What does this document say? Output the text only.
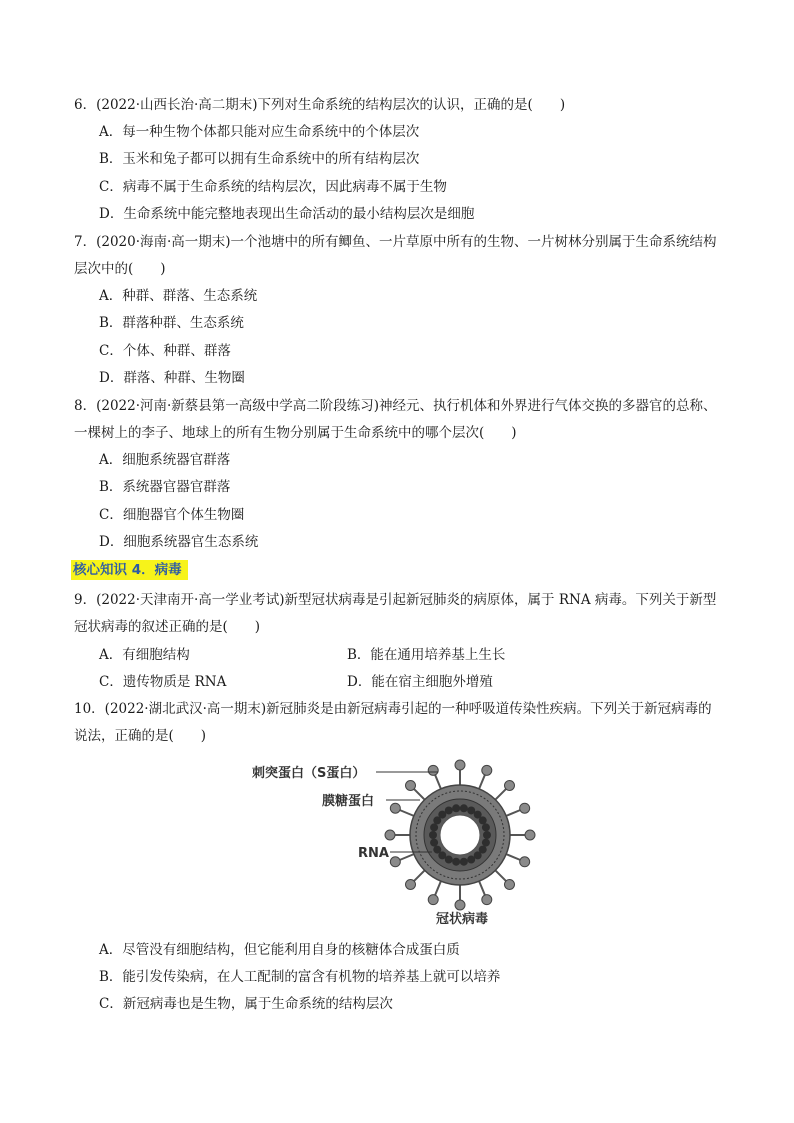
6．(2022·山西长治·高二期末)下列对生命系统的结构层次的认识，正确的是(　　)
A．每一种生物个体都只能对应生命系统中的个体层次
B．玉米和兔子都可以拥有生命系统中的所有结构层次
C．病毒不属于生命系统的结构层次，因此病毒不属于生物
D．生命系统中能完整地表现出生命活动的最小结构层次是细胞
7．(2020·海南·高一期末)一个池塘中的所有鲫鱼、一片草原中所有的生物、一片树林分别属于生命系统结构
层次中的(　　)
A．种群、群落、生态系统
B．群落种群、生态系统
C．个体、种群、群落
D．群落、种群、生物圈
8．(2022·河南·新蔡县第一高级中学高二阶段练习)神经元、执行机体和外界进行气体交换的多器官的总称、
一棵树上的李子、地球上的所有生物分别属于生命系统中的哪个层次(　　)
A．细胞系统器官群落
B．系统器官器官群落
C．细胞器官个体生物圈
D．细胞系统器官生态系统
核心知识 4．病毒
9．(2022·天津南开·高一学业考试)新型冠状病毒是引起新冠肺炎的病原体，属于 RNA 病毒。下列关于新型
冠状病毒的叙述正确的是(　　)
A．有细胞结构	B．能在通用培养基上生长
C．遗传物质是 RNA	D．能在宿主细胞外增殖
10．(2022·湖北武汉·高一期末)新冠肺炎是由新冠病毒引起的一种呼吸道传染性疾病。下列关于新冠病毒的
说法，正确的是(　　)
刺突蛋白（S蛋白）
膜糖蛋白
RNA
冠状病毒
A．尽管没有细胞结构，但它能利用自身的核糖体合成蛋白质
B．能引发传染病，在人工配制的富含有机物的培养基上就可以培养
C．新冠病毒也是生物，属于生命系统的结构层次
